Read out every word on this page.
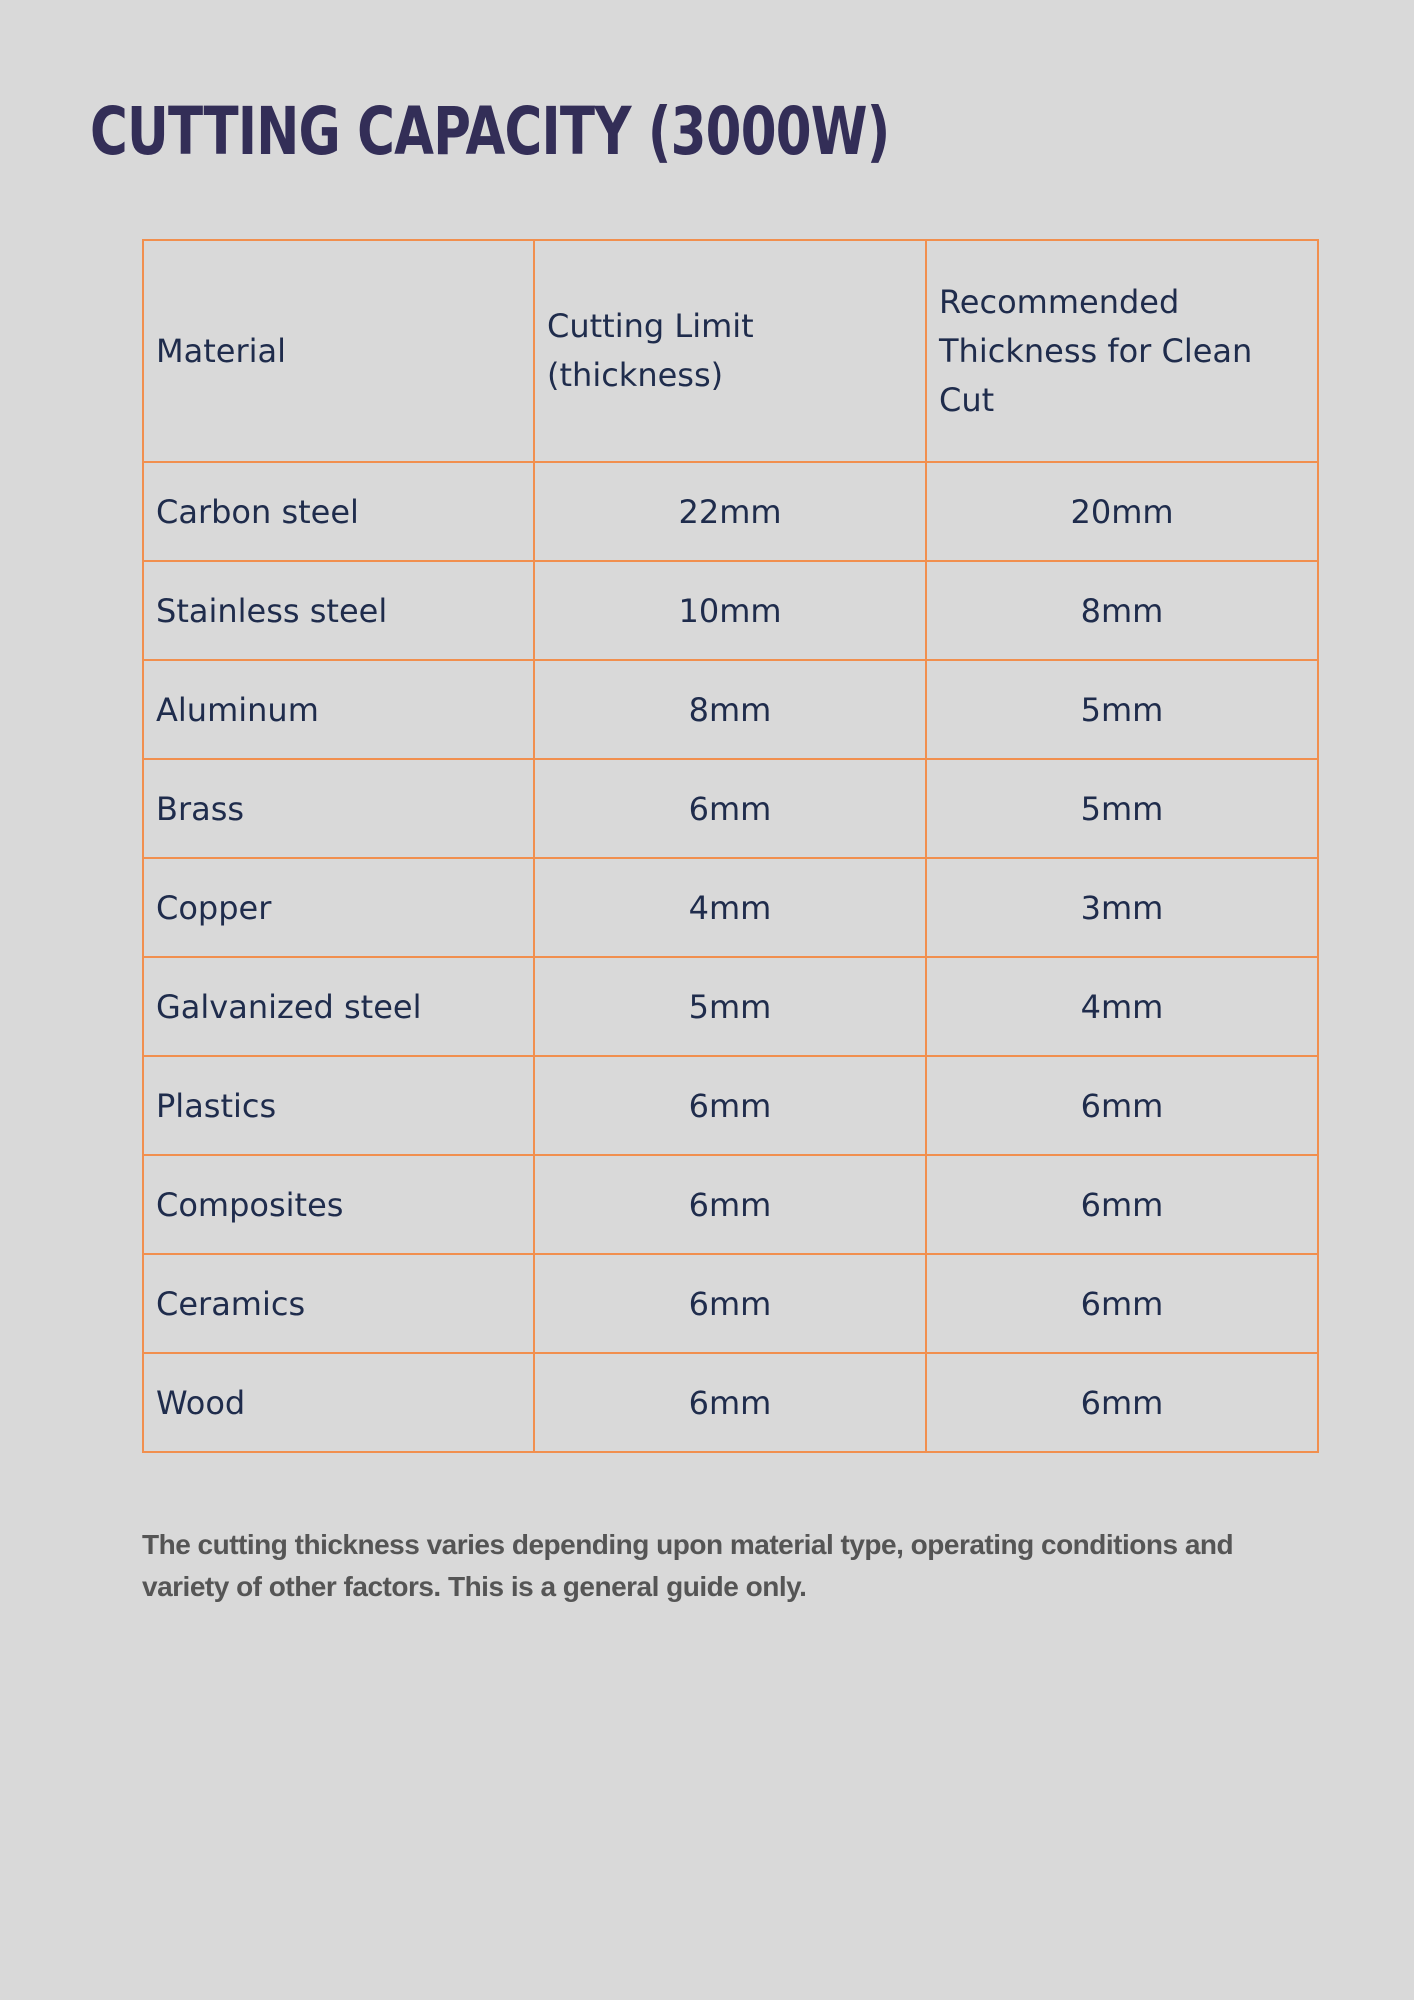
CUTTING CAPACITY (3000W)
Material	Cutting Limit (thickness)	Recommended Thickness for Clean Cut
Carbon steel	22mm	20mm
Stainless steel	10mm	8mm
Aluminum	8mm	5mm
Brass	6mm	5mm
Copper	4mm	3mm
Galvanized steel	5mm	4mm
Plastics	6mm	6mm
Composites	6mm	6mm
Ceramics	6mm	6mm
Wood	6mm	6mm

The cutting thickness varies depending upon material type, operating conditions and variety of other factors. This is a general guide only.
